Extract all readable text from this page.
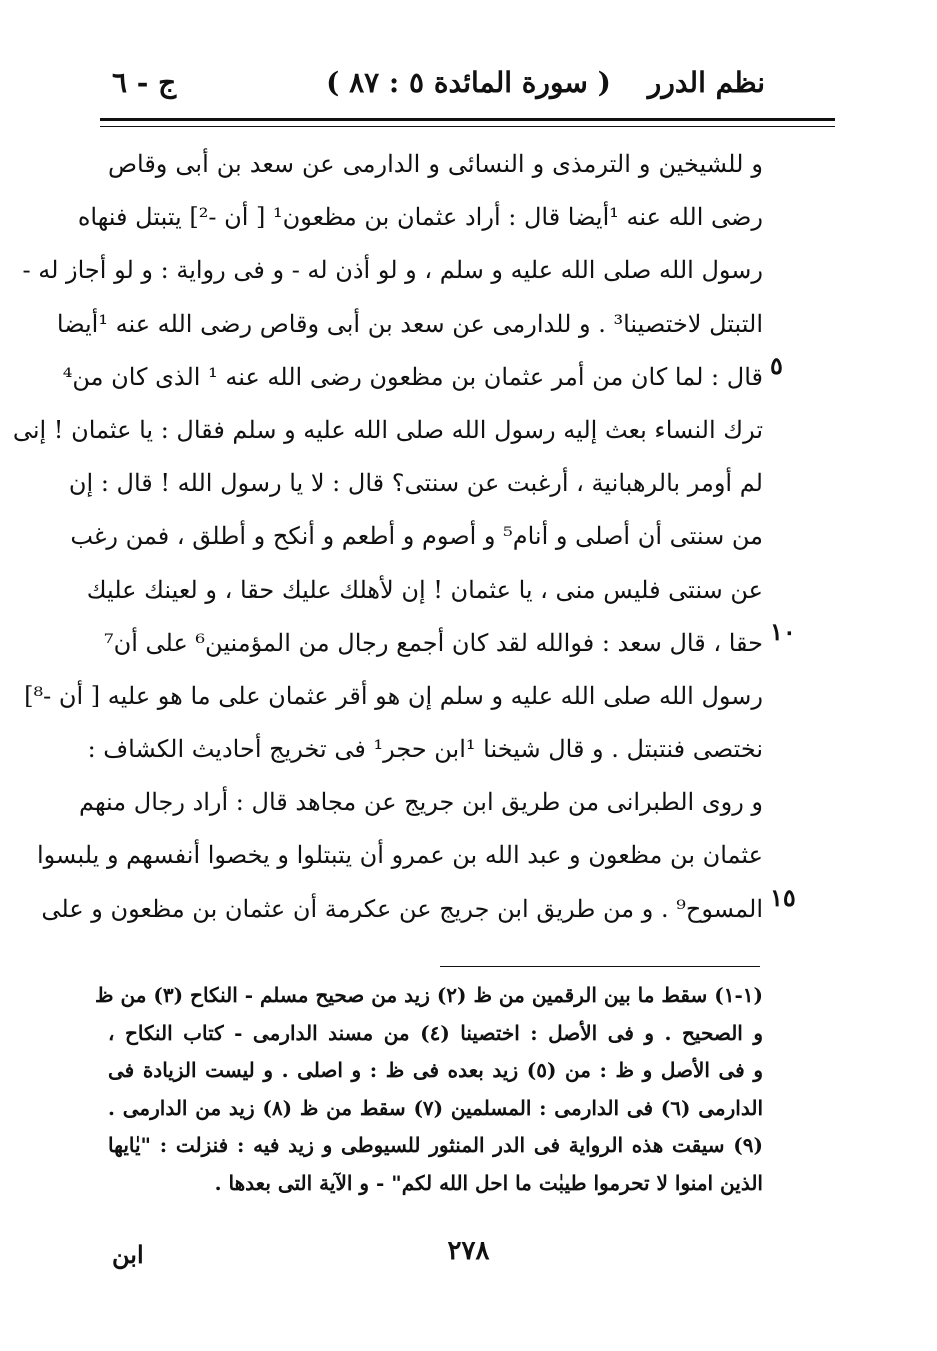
نظم الدرر
( سورة المائدة ٥ : ٨٧ )
ج - ٦
٥
١٠
١٥
و للشيخين و الترمذى و النسائى و الدارمى عن سعد بن أبى وقاص
رضى الله عنه ¹أيضا قال : أراد عثمان بن مظعون¹ [ أن -²] يتبتل فنهاه
رسول الله صلى الله عليه و سلم ، و لو أذن له - و فى رواية : و لو أجاز له -
التبتل لاختصينا³ . و للدارمى عن سعد بن أبى وقاص رضى الله عنه ¹أيضا
قال : لما كان من أمر عثمان بن مظعون رضى الله عنه ¹ الذى كان من⁴
ترك النساء بعث إليه رسول الله صلى الله عليه و سلم فقال : يا عثمان ! إنى
لم أومر بالرهبانية ، أرغبت عن سنتى؟ قال : لا يا رسول الله ! قال : إن
من سنتى أن أصلى و أنام⁵ و أصوم و أطعم و أنكح و أطلق ، فمن رغب
عن سنتى فليس منى ، يا عثمان ! إن لأهلك عليك حقا ، و لعينك عليك
حقا ، قال سعد : فوالله لقد كان أجمع رجال من المؤمنين⁶ على أن⁷
رسول الله صلى الله عليه و سلم إن هو أقر عثمان على ما هو عليه [ أن -⁸]
نختصى فنتبتل . و قال شيخنا ¹ابن حجر¹ فى تخريج أحاديث الكشاف :
و روى الطبرانى من طريق ابن جريج عن مجاهد قال : أراد رجال منهم
عثمان بن مظعون و عبد الله بن عمرو أن يتبتلوا و يخصوا أنفسهم و يلبسوا
المسوح⁹ . و من طريق ابن جريج عن عكرمة أن عثمان بن مظعون و على
(١-١) سقط ما بين الرقمين من ظ (٢) زيد من صحيح مسلم - النكاح (٣) من ظ
و الصحيح . و فى الأصل : اختصينا (٤) من مسند الدارمى - كتاب النكاح ،
و فى الأصل و ظ : من (٥) زيد بعده فى ظ : و اصلى . و ليست الزيادة فى
الدارمى (٦) فى الدارمى : المسلمين (٧) سقط من ظ (٨) زيد من الدارمى .
(٩) سيقت هذه الرواية فى الدر المنثور للسيوطى و زيد فيه : فنزلت : "يٰايها
الذين امنوا لا تحرموا طيبٰت ما احل الله لكم" - و الآية التى بعدها .
٢٧٨
ابن
